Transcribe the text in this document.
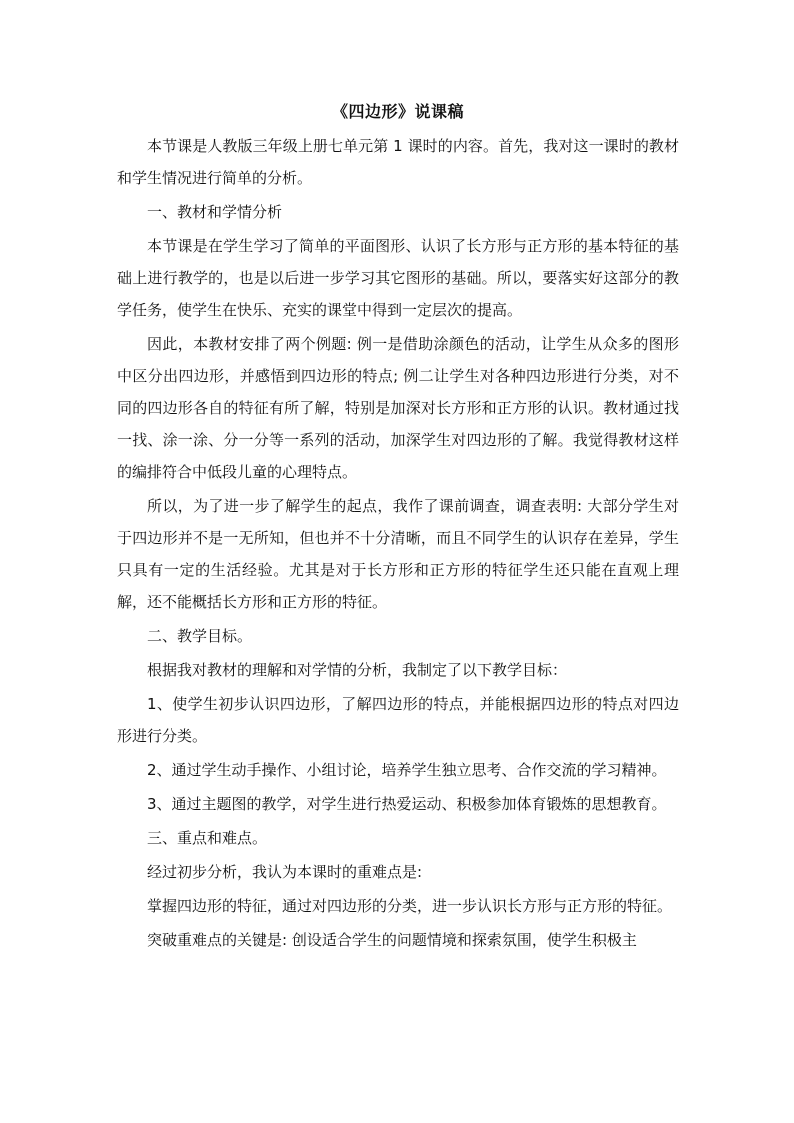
《四边形》说课稿

本节课是人教版三年级上册七单元第 1 课时的内容。首先，我对这一课时的教材和学生情况进行简单的分析。

一、教材和学情分析

本节课是在学生学习了简单的平面图形、认识了长方形与正方形的基本特征的基础上进行教学的，也是以后进一步学习其它图形的基础。所以，要落实好这部分的教学任务，使学生在快乐、充实的课堂中得到一定层次的提高。

因此，本教材安排了两个例题: 例一是借助涂颜色的活动，让学生从众多的图形中区分出四边形，并感悟到四边形的特点; 例二让学生对各种四边形进行分类，对不同的四边形各自的特征有所了解，特别是加深对长方形和正方形的认识。教材通过找一找、涂一涂、分一分等一系列的活动，加深学生对四边形的了解。我觉得教材这样的编排符合中低段儿童的心理特点。

所以，为了进一步了解学生的起点，我作了课前调查，调查表明: 大部分学生对于四边形并不是一无所知，但也并不十分清晰，而且不同学生的认识存在差异，学生只具有一定的生活经验。尤其是对于长方形和正方形的特征学生还只能在直观上理解，还不能概括长方形和正方形的特征。

二、教学目标。

根据我对教材的理解和对学情的分析，我制定了以下教学目标：

1、使学生初步认识四边形，了解四边形的特点，并能根据四边形的特点对四边形进行分类。

2、通过学生动手操作、小组讨论，培养学生独立思考、合作交流的学习精神。

3、通过主题图的教学，对学生进行热爱运动、积极参加体育锻炼的思想教育。

三、重点和难点。

经过初步分析，我认为本课时的重难点是:

掌握四边形的特征，通过对四边形的分类，进一步认识长方形与正方形的特征。

突破重难点的关键是: 创设适合学生的问题情境和探索氛围，使学生积极主
